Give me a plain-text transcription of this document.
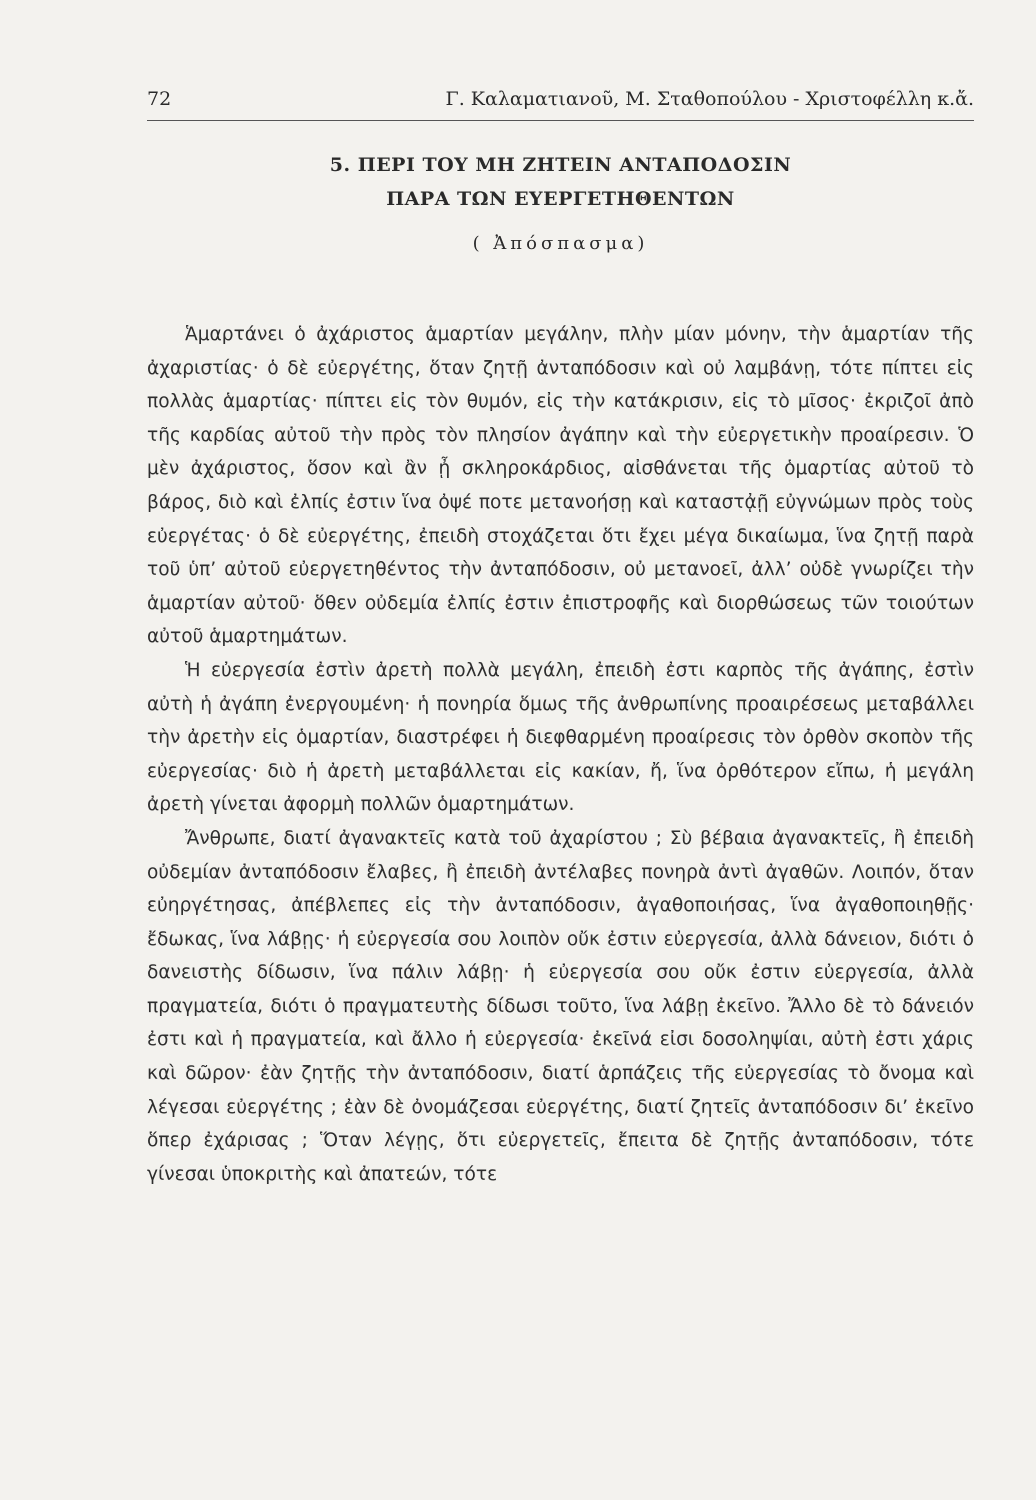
72	Γ. Καλαματιανοῦ, Μ. Σταθοπούλου - Χριστοφέλλη κ.ἄ.
5. ΠΕΡΙ ΤΟΥ ΜΗ ΖΗΤΕΙΝ ΑΝΤΑΠΟΔΟΣΙΝ
ΠΑΡΑ ΤΩΝ ΕΥΕΡΓΕΤΗΘΕΝΤΩΝ
( Ἀπόσπασμα)

Ἁμαρτάνει ὁ ἀχάριστος ἁμαρτίαν μεγάλην, πλὴν μίαν μόνην, τὴν ἁμαρτίαν τῆς ἀχαριστίας· ὁ δὲ εὐεργέτης, ὅταν ζητῇ ἀνταπόδοσιν καὶ οὐ λαμβάνῃ, τότε πίπτει εἰς πολλὰς ἁμαρτίας· πίπτει εἰς τὸν θυμόν, εἰς τὴν κατάκρισιν, εἰς τὸ μῖσος· ἐκριζοῖ ἀπὸ τῆς καρδίας αὐτοῦ τὴν πρὸς τὸν πλησίον ἀγάπην καὶ τὴν εὐεργετικὴν προαίρεσιν. Ὁ μὲν ἀχάριστος, ὅσον καὶ ἂν ᾖ σκληροκάρδιος, αἰσθάνεται τῆς ὁμαρτίας αὐτοῦ τὸ βάρος, διὸ καὶ ἐλπίς ἐστιν ἵνα ὀψέ ποτε μετανοήσῃ καὶ καταστᾀῇ εὐγνώμων πρὸς τοὺς εὐεργέτας· ὁ δὲ εὐεργέτης, ἐπειδὴ στοχάζεται ὅτι ἔχει μέγα δικαίωμα, ἵνα ζητῇ παρὰ τοῦ ὑπ’ αὐτοῦ εὐεργετηθέντος τὴν ἀνταπόδοσιν, οὐ μετανοεῖ, ἀλλ’ οὐδὲ γνωρίζει τὴν ἁμαρτίαν αὐτοῦ· ὅθεν οὐδεμία ἐλπίς ἐστιν ἐπιστροφῆς καὶ διορθώσεως τῶν τοιούτων αὐτοῦ ἁμαρτημάτων.

Ἡ εὐεργεσία ἐστὶν ἀρετὴ πολλὰ μεγάλη, ἐπειδὴ ἐστι καρπὸς τῆς ἀγάπης, ἐστὶν αὐτὴ ἡ ἀγάπη ἐνεργουμένη· ἡ πονηρία ὅμως τῆς ἀνθρωπίνης προαιρέσεως μεταβάλλει τὴν ἀρετὴν εἰς ὁμαρτίαν, διαστρέφει ἡ διεφθαρμένη προαίρεσις τὸν ὀρθὸν σκοπὸν τῆς εὐεργεσίας· διὸ ἡ ἀρετὴ μεταβάλλεται εἰς κακίαν, ἤ, ἵνα ὀρθότερον εἴπω, ἡ μεγάλη ἀρετὴ γίνεται ἀφορμὴ πολλῶν ὁμαρτημάτων.

Ἄνθρωπε, διατί ἀγανακτεῖς κατὰ τοῦ ἀχαρίστου ; Σὺ βέβαια ἀγανακτεῖς, ἢ ἐπειδὴ οὐδεμίαν ἀνταπόδοσιν ἔλαβες, ἢ ἐπειδὴ ἀντέλαβες πονηρὰ ἀντὶ ἀγαθῶν. Λοιπόν, ὅταν εὐηργέτησας, ἀπέβλεπες εἰς τὴν ἀνταπόδοσιν, ἀγαθοποιήσας, ἵνα ἀγαθοποιηθῇς· ἔδωκας, ἵνα λάβῃς· ἡ εὐεργεσία σου λοιπὸν οὔκ ἐστιν εὐεργεσία, ἀλλὰ δάνειον, διότι ὁ δανειστὴς δίδωσιν, ἵνα πάλιν λάβῃ· ἡ εὐεργεσία σου οὔκ ἐστιν εὐεργεσία, ἀλλὰ πραγματεία, διότι ὁ πραγματευτὴς δίδωσι τοῦτο, ἵνα λάβῃ ἐκεῖνο. Ἄλλο δὲ τὸ δάνειόν ἐστι καὶ ἡ πραγματεία, καὶ ἄλλο ἡ εὐεργεσία· ἐκεῖνά εἰσι δοσοληψίαι, αὐτὴ ἐστι χάρις καὶ δῶρον· ἐὰν ζητῇς τὴν ἀνταπόδοσιν, διατί ἁρπάζεις τῆς εὐεργεσίας τὸ ὄνομα καὶ λέγεσαι εὐεργέτης ; ἐὰν δὲ ὀνομάζεσαι εὐεργέτης, διατί ζητεῖς ἀνταπόδοσιν δι’ ἐκεῖνο ὅπερ ἐχάρισας ; Ὅταν λέγῃς, ὅτι εὐεργετεῖς, ἔπειτα δὲ ζητῇς ἀνταπόδοσιν, τότε γίνεσαι ὑποκριτὴς καὶ ἀπατεών, τότε
